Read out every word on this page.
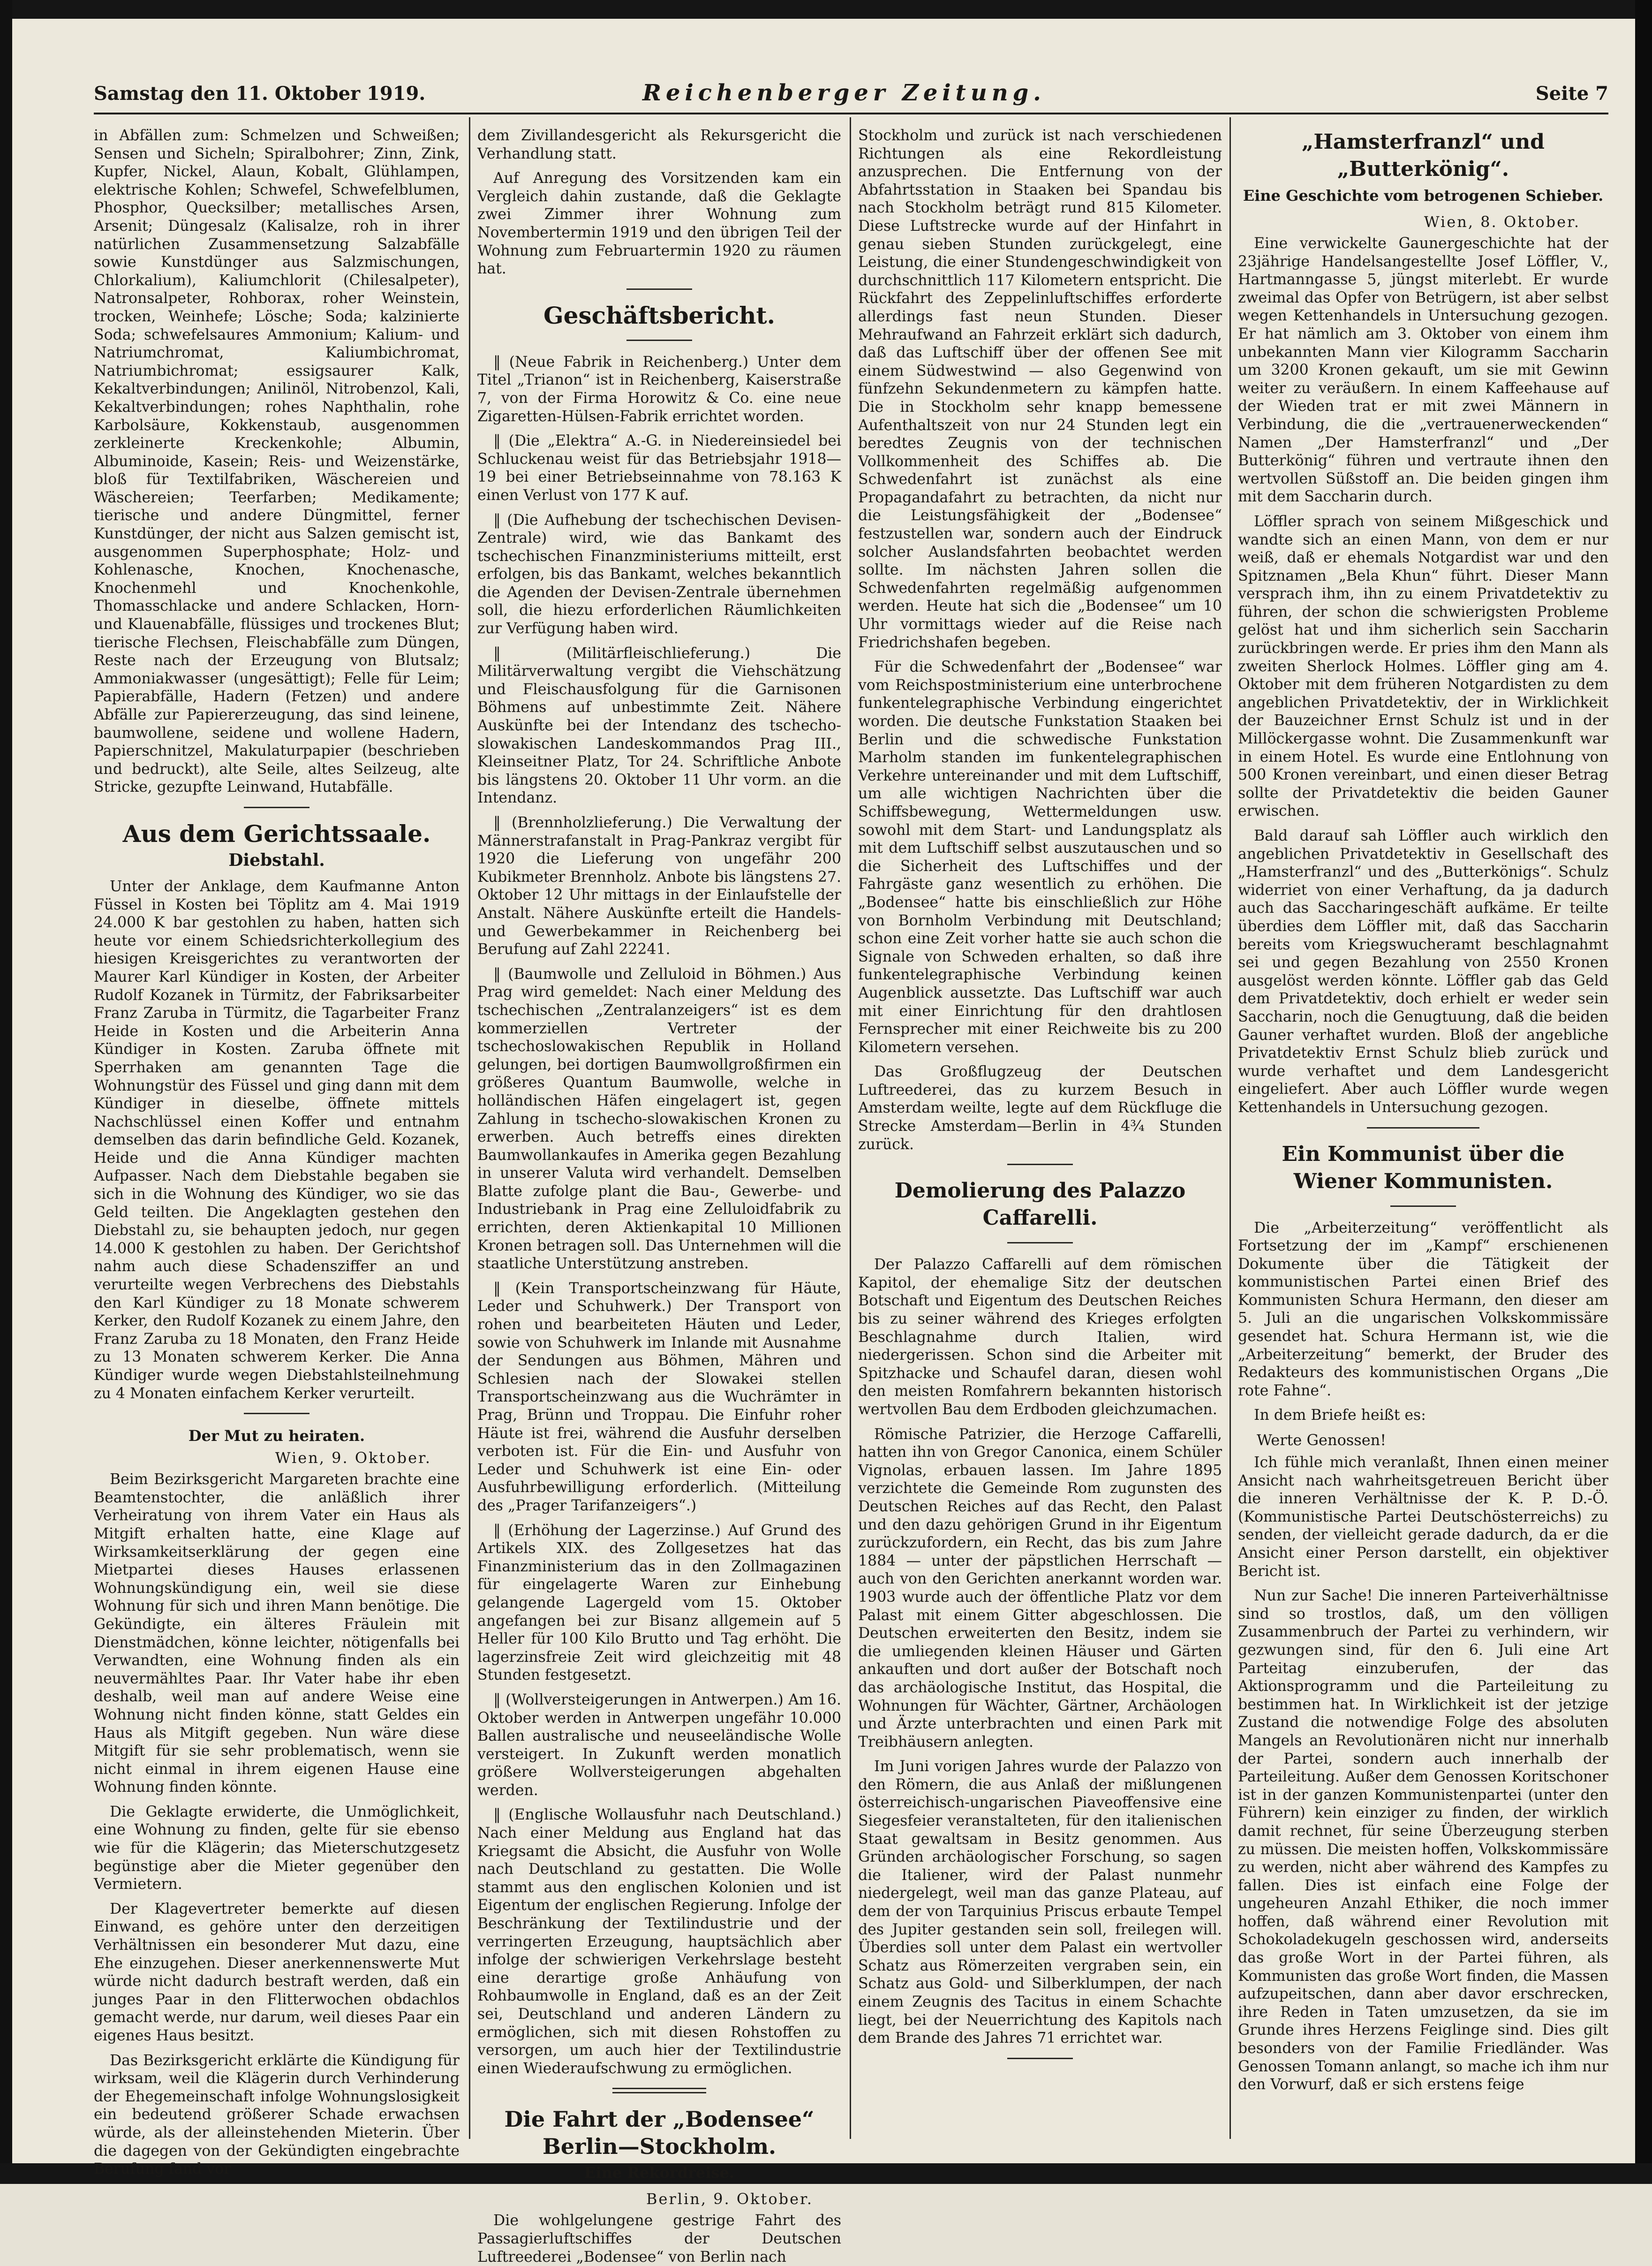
Samstag den 11. Oktober 1919.	Reichenberger Zeitung.	Seite 7

in Abfällen zum: Schmelzen und Schweißen; Sensen und Sicheln; Spiralbohrer; Zinn, Zink, Kupfer, Nickel, Alaun, Kobalt, Glühlampen, elektrische Kohlen; Schwefel, Schwefelblumen, Phosphor, Quecksilber; metallisches Arsen, Arsenit; Düngesalz (Kalisalze, roh in ihrer natürlichen Zusammensetzung Salzabfälle sowie Kunstdünger aus Salzmischungen, Chlorkalium), Kaliumchlorit (Chilesalpeter), Natronsalpeter, Rohborax, roher Weinstein, trocken, Weinhefe; Lösche; Soda; kalzinierte Soda; schwefelsaures Ammonium; Kalium- und Natriumchromat, Kaliumbichromat, Natriumbichromat; essigsaurer Kalk, Kekaltverbindungen; Anilinöl, Nitrobenzol, Kali, Kekaltverbindungen; rohes Naphthalin, rohe Karbolsäure, Kokkenstaub, ausgenommen zerkleinerte Kreckenkohle; Albumin, Albuminoide, Kasein; Reis- und Weizenstärke, bloß für Textilfabriken, Wäschereien und Wäschereien; Teerfarben; Medikamente; tierische und andere Düngmittel, ferner Kunstdünger, der nicht aus Salzen gemischt ist, ausgenommen Superphosphate; Holz- und Kohlenasche, Knochen, Knochenasche, Knochenmehl und Knochenkohle, Thomasschlacke und andere Schlacken, Horn- und Klauenabfälle, flüssiges und trockenes Blut; tierische Flechsen, Fleischabfälle zum Düngen, Reste nach der Erzeugung von Blutsalz; Ammoniakwasser (ungesättigt); Felle für Leim; Papierabfälle, Hadern (Fetzen) und andere Abfälle zur Papiererzeugung, das sind leinene, baumwollene, seidene und wollene Hadern, Papierschnitzel, Makulaturpapier (beschrieben und bedruckt), alte Seile, altes Seilzeug, alte Stricke, gezupfte Leinwand, Hutabfälle.

Aus dem Gerichtssaale.
Diebstahl.

Unter der Anklage, dem Kaufmanne Anton Füssel in Kosten bei Töplitz am 4. Mai 1919 24.000 K bar gestohlen zu haben, hatten sich heute vor einem Schiedsrichterkollegium des hiesigen Kreisgerichtes zu verantworten der Maurer Karl Kündiger in Kosten, der Arbeiter Rudolf Kozanek in Türmitz, der Fabriksarbeiter Franz Zaruba in Türmitz, die Tagarbeiter Franz Heide in Kosten und die Arbeiterin Anna Kündiger in Kosten. Zaruba öffnete mit Sperrhaken am genannten Tage die Wohnungstür des Füssel und ging dann mit dem Kündiger in dieselbe, öffnete mittels Nachschlüssel einen Koffer und entnahm demselben das darin befindliche Geld. Kozanek, Heide und die Anna Kündiger machten Aufpasser. Nach dem Diebstahle begaben sie sich in die Wohnung des Kündiger, wo sie das Geld teilten. Die Angeklagten gestehen den Diebstahl zu, sie behaupten jedoch, nur gegen 14.000 K gestohlen zu haben. Der Gerichtshof nahm auch diese Schadensziffer an und verurteilte wegen Verbrechens des Diebstahls den Karl Kündiger zu 18 Monate schwerem Kerker, den Rudolf Kozanek zu einem Jahre, den Franz Zaruba zu 18 Monaten, den Franz Heide zu 13 Monaten schwerem Kerker. Die Anna Kündiger wurde wegen Diebstahlsteilnehmung zu 4 Monaten einfachem Kerker verurteilt.

Der Mut zu heiraten.
Wien, 9. Oktober.

Beim Bezirksgericht Margareten brachte eine Beamtenstochter, die anläßlich ihrer Verheiratung von ihrem Vater ein Haus als Mitgift erhalten hatte, eine Klage auf Wirksamkeitserklärung der gegen eine Mietpartei dieses Hauses erlassenen Wohnungskündigung ein, weil sie diese Wohnung für sich und ihren Mann benötige. Die Gekündigte, ein älteres Fräulein mit Dienstmädchen, könne leichter, nötigenfalls bei Verwandten, eine Wohnung finden als ein neuvermähltes Paar. Ihr Vater habe ihr eben deshalb, weil man auf andere Weise eine Wohnung nicht finden könne, statt Geldes ein Haus als Mitgift gegeben. Nun wäre diese Mitgift für sie sehr problematisch, wenn sie nicht einmal in ihrem eigenen Hause eine Wohnung finden könnte.

Die Geklagte erwiderte, die Unmöglichkeit, eine Wohnung zu finden, gelte für sie ebenso wie für die Klägerin; das Mieterschutzgesetz begünstige aber die Mieter gegenüber den Vermietern.

Der Klagevertreter bemerkte auf diesen Einwand, es gehöre unter den derzeitigen Verhältnissen ein besonderer Mut dazu, eine Ehe einzugehen. Dieser anerkennenswerte Mut würde nicht dadurch bestraft werden, daß ein junges Paar in den Flitterwochen obdachlos gemacht werde, nur darum, weil dieses Paar ein eigenes Haus besitzt.

Das Bezirksgericht erklärte die Kündigung für wirksam, weil die Klägerin durch Verhinderung der Ehegemeinschaft infolge Wohnungslosigkeit ein bedeutend größerer Schade erwachsen würde, als der alleinstehenden Mieterin. Über die dagegen von der Gekündigten eingebrachte Berufung fand vor

dem Zivillandesgericht als Rekursgericht die Verhandlung statt.

Auf Anregung des Vorsitzenden kam ein Vergleich dahin zustande, daß die Geklagte zwei Zimmer ihrer Wohnung zum Novembertermin 1919 und den übrigen Teil der Wohnung zum Februartermin 1920 zu räumen hat.

Geschäftsbericht.

‖ (Neue Fabrik in Reichenberg.) Unter dem Titel „Trianon“ ist in Reichenberg, Kaiserstraße 7, von der Firma Horowitz & Co. eine neue Zigaretten-Hülsen-Fabrik errichtet worden.

‖ (Die „Elektra“ A.-G. in Niedereinsiedel bei Schluckenau weist für das Betriebsjahr 1918—19 bei einer Betriebseinnahme von 78.163 K einen Verlust von 177 K auf.

‖ (Die Aufhebung der tschechischen Devisen-Zentrale) wird, wie das Bankamt des tschechischen Finanzministeriums mitteilt, erst erfolgen, bis das Bankamt, welches bekanntlich die Agenden der Devisen-Zentrale übernehmen soll, die hiezu erforderlichen Räumlichkeiten zur Verfügung haben wird.

‖ (Militärfleischlieferung.) Die Militärverwaltung vergibt die Viehschätzung und Fleischausfolgung für die Garnisonen Böhmens auf unbestimmte Zeit. Nähere Auskünfte bei der Intendanz des tschecho-slowakischen Landeskommandos Prag III., Kleinseitner Platz, Tor 24. Schriftliche Anbote bis längstens 20. Oktober 11 Uhr vorm. an die Intendanz.

‖ (Brennholzlieferung.) Die Verwaltung der Männerstrafanstalt in Prag-Pankraz vergibt für 1920 die Lieferung von ungefähr 200 Kubikmeter Brennholz. Anbote bis längstens 27. Oktober 12 Uhr mittags in der Einlaufstelle der Anstalt. Nähere Auskünfte erteilt die Handels- und Gewerbekammer in Reichenberg bei Berufung auf Zahl 22241.

‖ (Baumwolle und Zelluloid in Böhmen.) Aus Prag wird gemeldet: Nach einer Meldung des tschechischen „Zentralanzeigers“ ist es dem kommerziellen Vertreter der tschechoslowakischen Republik in Holland gelungen, bei dortigen Baumwollgroßfirmen ein größeres Quantum Baumwolle, welche in holländischen Häfen eingelagert ist, gegen Zahlung in tschecho-slowakischen Kronen zu erwerben. Auch betreffs eines direkten Baumwollankaufes in Amerika gegen Bezahlung in unserer Valuta wird verhandelt. Demselben Blatte zufolge plant die Bau-, Gewerbe- und Industriebank in Prag eine Zelluloidfabrik zu errichten, deren Aktienkapital 10 Millionen Kronen betragen soll. Das Unternehmen will die staatliche Unterstützung anstreben.

‖ (Kein Transportscheinzwang für Häute, Leder und Schuhwerk.) Der Transport von rohen und bearbeiteten Häuten und Leder, sowie von Schuhwerk im Inlande mit Ausnahme der Sendungen aus Böhmen, Mähren und Schlesien nach der Slowakei stellen Transportscheinzwang aus die Wuchrämter in Prag, Brünn und Troppau. Die Einfuhr roher Häute ist frei, während die Ausfuhr derselben verboten ist. Für die Ein- und Ausfuhr von Leder und Schuhwerk ist eine Ein- oder Ausfuhrbewilligung erforderlich. (Mitteilung des „Prager Tarifanzeigers“.)

‖ (Erhöhung der Lagerzinse.) Auf Grund des Artikels XIX. des Zollgesetzes hat das Finanzministerium das in den Zollmagazinen für eingelagerte Waren zur Einhebung gelangende Lagergeld vom 15. Oktober angefangen bei zur Bisanz allgemein auf 5 Heller für 100 Kilo Brutto und Tag erhöht. Die lagerzinsfreie Zeit wird gleichzeitig mit 48 Stunden festgesetzt.

‖ (Wollversteigerungen in Antwerpen.) Am 16. Oktober werden in Antwerpen ungefähr 10.000 Ballen australische und neuseeländische Wolle versteigert. In Zukunft werden monatlich größere Wollversteigerungen abgehalten werden.

‖ (Englische Wollausfuhr nach Deutschland.) Nach einer Meldung aus England hat das Kriegsamt die Absicht, die Ausfuhr von Wolle nach Deutschland zu gestatten. Die Wolle stammt aus den englischen Kolonien und ist Eigentum der englischen Regierung. Infolge der Beschränkung der Textilindustrie und der verringerten Erzeugung, hauptsächlich aber infolge der schwierigen Verkehrslage besteht eine derartige große Anhäufung von Rohbaumwolle in England, daß es an der Zeit sei, Deutschland und anderen Ländern zu ermöglichen, sich mit diesen Rohstoffen zu versorgen, um auch hier der Textilindustrie einen Wiederaufschwung zu ermöglichen.

Die Fahrt der „Bodensee“ Berlin—Stockholm.
Eine Rekordreise.
Berlin, 9. Oktober.

Die wohlgelungene gestrige Fahrt des Passagierluftschiffes der Deutschen Luftreederei „Bodensee“ von Berlin nach

Stockholm und zurück ist nach verschiedenen Richtungen als eine Rekordleistung anzusprechen. Die Entfernung von der Abfahrtsstation in Staaken bei Spandau bis nach Stockholm beträgt rund 815 Kilometer. Diese Luftstrecke wurde auf der Hinfahrt in genau sieben Stunden zurückgelegt, eine Leistung, die einer Stundengeschwindigkeit von durchschnittlich 117 Kilometern entspricht. Die Rückfahrt des Zeppelinluftschiffes erforderte allerdings fast neun Stunden. Dieser Mehraufwand an Fahrzeit erklärt sich dadurch, daß das Luftschiff über der offenen See mit einem Südwestwind — also Gegenwind von fünfzehn Sekundenmetern zu kämpfen hatte. Die in Stockholm sehr knapp bemessene Aufenthaltszeit von nur 24 Stunden legt ein beredtes Zeugnis von der technischen Vollkommenheit des Schiffes ab. Die Schwedenfahrt ist zunächst als eine Propagandafahrt zu betrachten, da nicht nur die Leistungsfähigkeit der „Bodensee“ festzustellen war, sondern auch der Eindruck solcher Auslandsfahrten beobachtet werden sollte. Im nächsten Jahren sollen die Schwedenfahrten regelmäßig aufgenommen werden. Heute hat sich die „Bodensee“ um 10 Uhr vormittags wieder auf die Reise nach Friedrichshafen begeben.

Für die Schwedenfahrt der „Bodensee“ war vom Reichspostministerium eine unterbrochene funkentelegraphische Verbindung eingerichtet worden. Die deutsche Funkstation Staaken bei Berlin und die schwedische Funkstation Marholm standen im funkentelegraphischen Verkehre untereinander und mit dem Luftschiff, um alle wichtigen Nachrichten über die Schiffsbewegung, Wettermeldungen usw. sowohl mit dem Start- und Landungsplatz als mit dem Luftschiff selbst auszutauschen und so die Sicherheit des Luftschiffes und der Fahrgäste ganz wesentlich zu erhöhen. Die „Bodensee“ hatte bis einschließlich zur Höhe von Bornholm Verbindung mit Deutschland; schon eine Zeit vorher hatte sie auch schon die Signale von Schweden erhalten, so daß ihre funkentelegraphische Verbindung keinen Augenblick aussetzte. Das Luftschiff war auch mit einer Einrichtung für den drahtlosen Fernsprecher mit einer Reichweite bis zu 200 Kilometern versehen.

Das Großflugzeug der Deutschen Luftreederei, das zu kurzem Besuch in Amsterdam weilte, legte auf dem Rückfluge die Strecke Amsterdam—Berlin in 4¾ Stunden zurück.

Demolierung des Palazzo Caffarelli.

Der Palazzo Caffarelli auf dem römischen Kapitol, der ehemalige Sitz der deutschen Botschaft und Eigentum des Deutschen Reiches bis zu seiner während des Krieges erfolgten Beschlagnahme durch Italien, wird niedergerissen. Schon sind die Arbeiter mit Spitzhacke und Schaufel daran, diesen wohl den meisten Romfahrern bekannten historisch wertvollen Bau dem Erdboden gleichzumachen.

Römische Patrizier, die Herzoge Caffarelli, hatten ihn von Gregor Canonica, einem Schüler Vignolas, erbauen lassen. Im Jahre 1895 verzichtete die Gemeinde Rom zugunsten des Deutschen Reiches auf das Recht, den Palast und den dazu gehörigen Grund in ihr Eigentum zurückzufordern, ein Recht, das bis zum Jahre 1884 — unter der päpstlichen Herrschaft — auch von den Gerichten anerkannt worden war. 1903 wurde auch der öffentliche Platz vor dem Palast mit einem Gitter abgeschlossen. Die Deutschen erweiterten den Besitz, indem sie die umliegenden kleinen Häuser und Gärten ankauften und dort außer der Botschaft noch das archäologische Institut, das Hospital, die Wohnungen für Wächter, Gärtner, Archäologen und Ärzte unterbrachten und einen Park mit Treibhäusern anlegten.

Im Juni vorigen Jahres wurde der Palazzo von den Römern, die aus Anlaß der mißlungenen österreichisch-ungarischen Piaveoffensive eine Siegesfeier veranstalteten, für den italienischen Staat gewaltsam in Besitz genommen. Aus Gründen archäologischer Forschung, so sagen die Italiener, wird der Palast nunmehr niedergelegt, weil man das ganze Plateau, auf dem der von Tarquinius Priscus erbaute Tempel des Jupiter gestanden sein soll, freilegen will. Überdies soll unter dem Palast ein wertvoller Schatz aus Römerzeiten vergraben sein, ein Schatz aus Gold- und Silberklumpen, der nach einem Zeugnis des Tacitus in einem Schachte liegt, bei der Neuerrichtung des Kapitols nach dem Brande des Jahres 71 errichtet war.

„Hamsterfranzl“ und „Butterkönig“.
Eine Geschichte vom betrogenen Schieber.
Wien, 8. Oktober.

Eine verwickelte Gaunergeschichte hat der 23jährige Handelsangestellte Josef Löffler, V., Hartmanngasse 5, jüngst miterlebt. Er wurde zweimal das Opfer von Betrügern, ist aber selbst wegen Kettenhandels in Untersuchung gezogen. Er hat nämlich am 3. Oktober von einem ihm unbekannten Mann vier Kilogramm Saccharin um 3200 Kronen gekauft, um sie mit Gewinn weiter zu veräußern. In einem Kaffeehause auf der Wieden trat er mit zwei Männern in Verbindung, die die „vertrauenerweckenden“ Namen „Der Hamsterfranzl“ und „Der Butterkönig“ führen und vertraute ihnen den wertvollen Süßstoff an. Die beiden gingen ihm mit dem Saccharin durch.

Löffler sprach von seinem Mißgeschick und wandte sich an einen Mann, von dem er nur weiß, daß er ehemals Notgardist war und den Spitznamen „Bela Khun“ führt. Dieser Mann versprach ihm, ihn zu einem Privatdetektiv zu führen, der schon die schwierigsten Probleme gelöst hat und ihm sicherlich sein Saccharin zurückbringen werde. Er pries ihm den Mann als zweiten Sherlock Holmes. Löffler ging am 4. Oktober mit dem früheren Notgardisten zu dem angeblichen Privatdetektiv, der in Wirklichkeit der Bauzeichner Ernst Schulz ist und in der Millöckergasse wohnt. Die Zusammenkunft war in einem Hotel. Es wurde eine Entlohnung von 500 Kronen vereinbart, und einen dieser Betrag sollte der Privatdetektiv die beiden Gauner erwischen.

Bald darauf sah Löffler auch wirklich den angeblichen Privatdetektiv in Gesellschaft des „Hamsterfranzl“ und des „Butterkönigs“. Schulz widerriet von einer Verhaftung, da ja dadurch auch das Saccharingeschäft aufkäme. Er teilte überdies dem Löffler mit, daß das Saccharin bereits vom Kriegswucheramt beschlagnahmt sei und gegen Bezahlung von 2550 Kronen ausgelöst werden könnte. Löffler gab das Geld dem Privatdetektiv, doch erhielt er weder sein Saccharin, noch die Genugtuung, daß die beiden Gauner verhaftet wurden. Bloß der angebliche Privatdetektiv Ernst Schulz blieb zurück und wurde verhaftet und dem Landesgericht eingeliefert. Aber auch Löffler wurde wegen Kettenhandels in Untersuchung gezogen.

Ein Kommunist über die Wiener Kommunisten.

Die „Arbeiterzeitung“ veröffentlicht als Fortsetzung der im „Kampf“ erschienenen Dokumente über die Tätigkeit der kommunistischen Partei einen Brief des Kommunisten Schura Hermann, den dieser am 5. Juli an die ungarischen Volkskommissäre gesendet hat. Schura Hermann ist, wie die „Arbeiterzeitung“ bemerkt, der Bruder des Redakteurs des kommunistischen Organs „Die rote Fahne“.

In dem Briefe heißt es:

Werte Genossen!

Ich fühle mich veranlaßt, Ihnen einen meiner Ansicht nach wahrheitsgetreuen Bericht über die inneren Verhältnisse der K. P. D.-Ö. (Kommunistische Partei Deutschösterreichs) zu senden, der vielleicht gerade dadurch, da er die Ansicht einer Person darstellt, ein objektiver Bericht ist.

Nun zur Sache! Die inneren Parteiverhältnisse sind so trostlos, daß, um den völligen Zusammenbruch der Partei zu verhindern, wir gezwungen sind, für den 6. Juli eine Art Parteitag einzuberufen, der das Aktionsprogramm und die Parteileitung zu bestimmen hat. In Wirklichkeit ist der jetzige Zustand die notwendige Folge des absoluten Mangels an Revolutionären nicht nur innerhalb der Partei, sondern auch innerhalb der Parteileitung. Außer dem Genossen Koritschoner ist in der ganzen Kommunistenpartei (unter den Führern) kein einziger zu finden, der wirklich damit rechnet, für seine Überzeugung sterben zu müssen. Die meisten hoffen, Volkskommissäre zu werden, nicht aber während des Kampfes zu fallen. Dies ist einfach eine Folge der ungeheuren Anzahl Ethiker, die noch immer hoffen, daß während einer Revolution mit Schokoladekugeln geschossen wird, anderseits das große Wort in der Partei führen, als Kommunisten das große Wort finden, die Massen aufzupeitschen, dann aber davor erschrecken, ihre Reden in Taten umzusetzen, da sie im Grunde ihres Herzens Feiglinge sind. Dies gilt besonders von der Familie Friedländer. Was Genossen Tomann anlangt, so mache ich ihm nur den Vorwurf, daß er sich erstens feige
